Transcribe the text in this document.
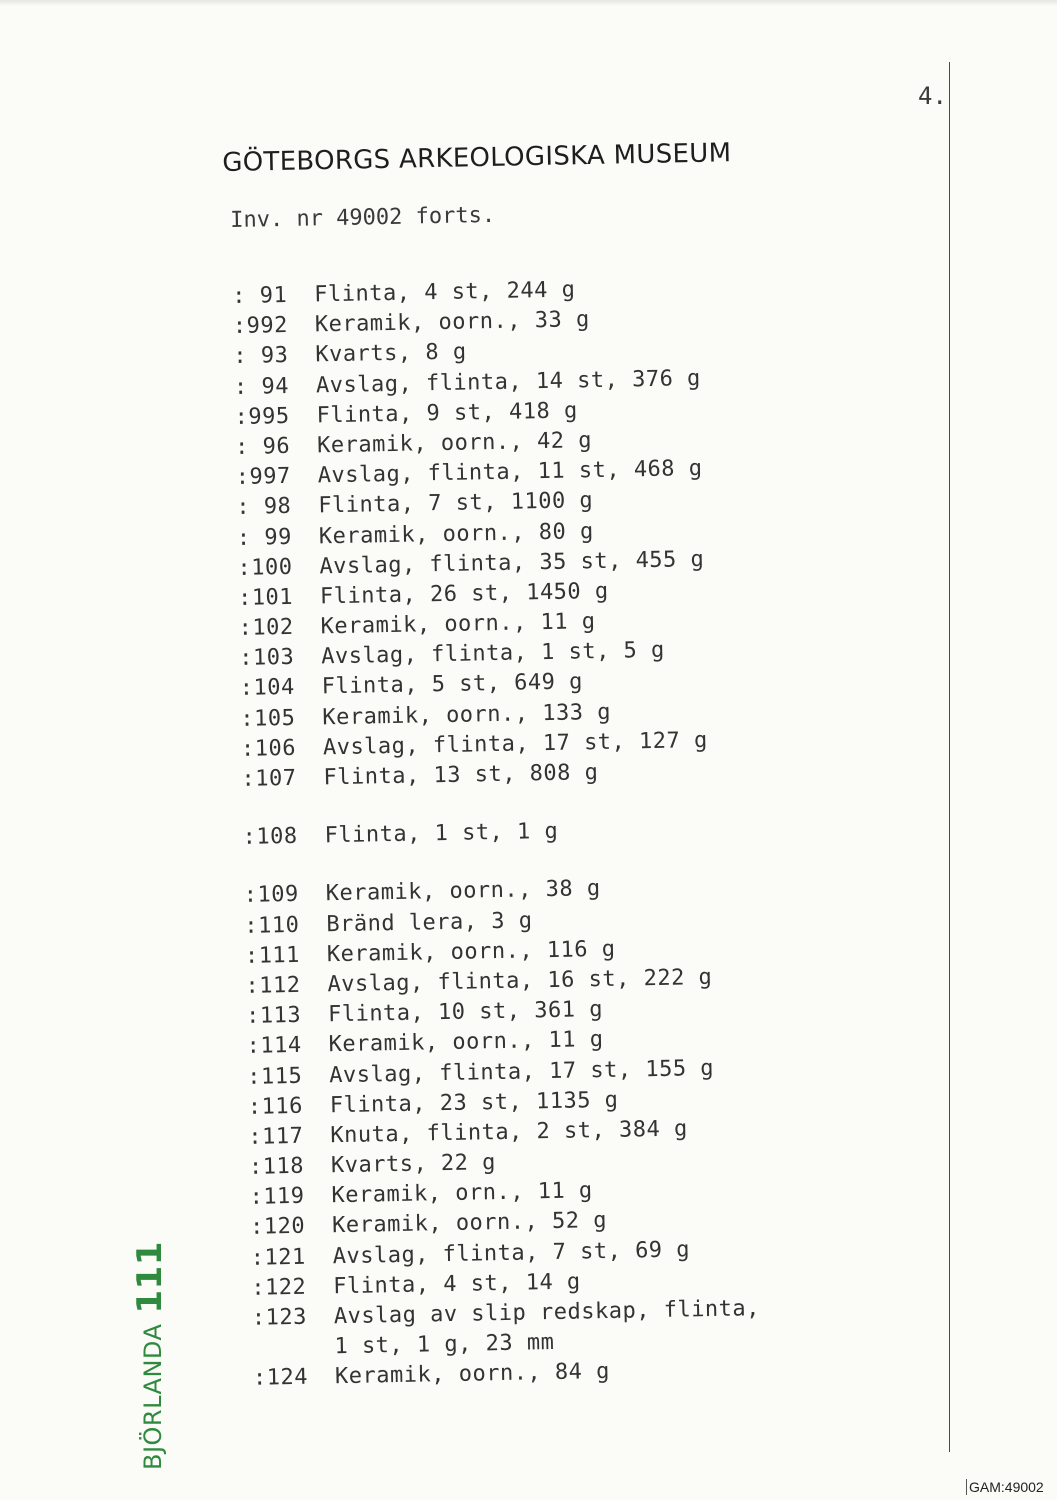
4.
GÖTEBORGS ARKEOLOGISKA MUSEUM
Inv. nr 49002 forts.
: 91	Flinta, 4 st, 244 g
:992	Keramik, oorn., 33 g
: 93	Kvarts, 8 g
: 94	Avslag, flinta, 14 st, 376 g
:995	Flinta, 9 st, 418 g
: 96	Keramik, oorn., 42 g
:997	Avslag, flinta, 11 st, 468 g
: 98	Flinta, 7 st, 1100 g
: 99	Keramik, oorn., 80 g
:100	Avslag, flinta, 35 st, 455 g
:101	Flinta, 26 st, 1450 g
:102	Keramik, oorn., 11 g
:103	Avslag, flinta, 1 st, 5 g
:104	Flinta, 5 st, 649 g
:105	Keramik, oorn., 133 g
:106	Avslag, flinta, 17 st, 127 g
:107	Flinta, 13 st, 808 g
:108	Flinta, 1 st, 1 g
:109	Keramik, oorn., 38 g
:110	Bränd lera, 3 g
:111	Keramik, oorn., 116 g
:112	Avslag, flinta, 16 st, 222 g
:113	Flinta, 10 st, 361 g
:114	Keramik, oorn., 11 g
:115	Avslag, flinta, 17 st, 155 g
:116	Flinta, 23 st, 1135 g
:117	Knuta, flinta, 2 st, 384 g
:118	Kvarts, 22 g
:119	Keramik, orn., 11 g
:120	Keramik, oorn., 52 g
:121	Avslag, flinta, 7 st, 69 g
:122	Flinta, 4 st, 14 g
:123	Avslag av slip redskap, flinta,
1 st, 1 g, 23 mm
:124	Keramik, oorn., 84 g
BJÖRLANDA111
GAM:49002
